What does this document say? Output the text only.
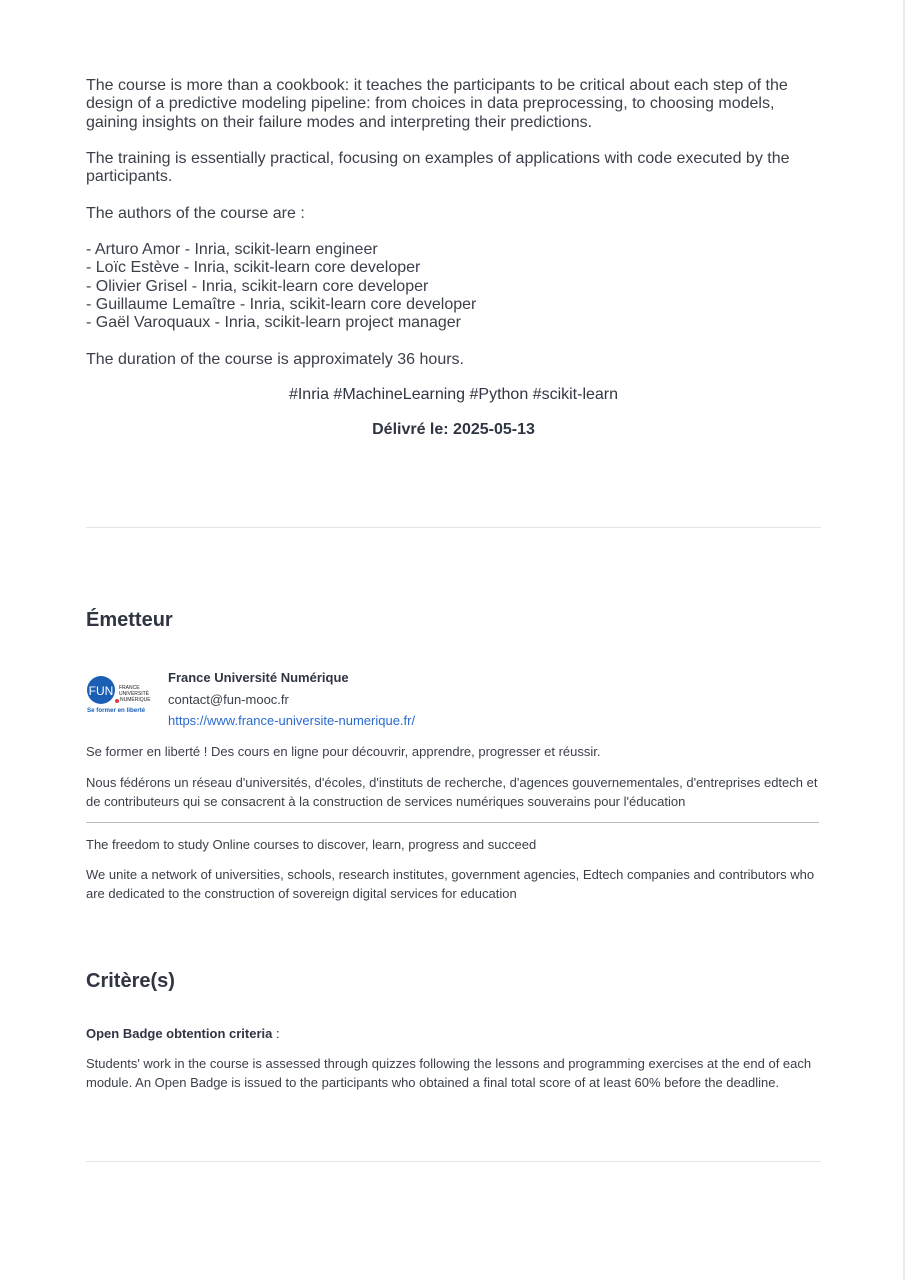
The course is more than a cookbook: it teaches the participants to be critical about each step of the design of a predictive modeling pipeline: from choices in data preprocessing, to choosing models, gaining insights on their failure modes and interpreting their predictions.

The training is essentially practical, focusing on examples of applications with code executed by the participants.

The authors of the course are :

- Arturo Amor - Inria, scikit-learn engineer
- Loïc Estève - Inria, scikit-learn core developer
- Olivier Grisel - Inria, scikit-learn core developer
- Guillaume Lemaître - Inria, scikit-learn core developer
- Gaël Varoquaux - Inria, scikit-learn project manager

The duration of the course is approximately 36 hours.

#Inria #MachineLearning #Python #scikit-learn
Délivré le: 2025-05-13
Émetteur
FUN FRANCE
UNIVERSITÉ
NUMÉRIQUE
Se former en liberté
France Université Numérique
contact@fun-mooc.fr
https://www.france-universite-numerique.fr/

Se former en liberté ! Des cours en ligne pour découvrir, apprendre, progresser et réussir.

Nous fédérons un réseau d'universités, d'écoles, d'instituts de recherche, d'agences gouvernementales, d'entreprises edtech et de contributeurs qui se consacrent à la construction de services numériques souverains pour l'éducation

The freedom to study Online courses to discover, learn, progress and succeed

We unite a network of universities, schools, research institutes, government agencies, Edtech companies and contributors who are dedicated to the construction of sovereign digital services for education

Critère(s)
Open Badge obtention criteria :

Students' work in the course is assessed through quizzes following the lessons and programming exercises at the end of each module. An Open Badge is issued to the participants who obtained a final total score of at least 60% before the deadline.
